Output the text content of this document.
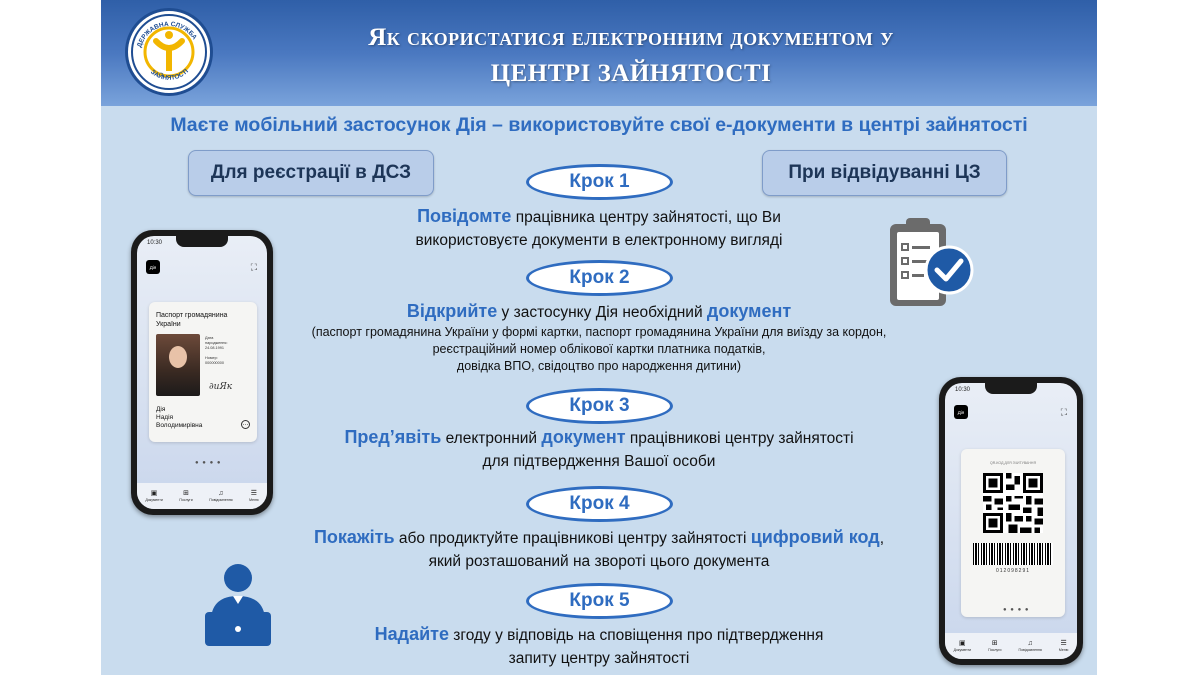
ДЕРЖАВНА СЛУЖБА
ЗАЙНЯТОСТІ
Як скористатися електронним документом у
ЦЕНТРІ ЗАЙНЯТОСТІ
Маєте мобільний застосунок Дія – використовуйте свої е-документи в центрі зайнятості
Для реєстрації в ДСЗ	При відвідуванні ЦЗ
Крок 1
Повідомте працівника центру зайнятості, що Ви
використовуєте документи в електронному вигляді
Крок 2
Відкрийте у застосунку Дія необхідний документ
(паспорт громадянина України у формі картки, паспорт громадянина України для виїзду за кордон,
реєстраційний номер облікової картки платника податків,
довідка ВПО, свідоцтво про народження дитини)
Крок 3
Пред’явіть електронний документ працівникові центру зайнятості
для підтвердження Вашої особи
Крок 4
Покажіть або продиктуйте працівникові центру зайнятості цифровий код,
який розташований на звороті цього документа
Крок 5
Надайте згоду у відповідь на сповіщення про підтвердження
запиту центру зайнятості
10:30
Дія	⛶
Паспорт громадянина
України
Дата
народження:
24.08.1991
Номер:
000000000
∂uЯк
Дія
Надія
Володимирівна	…
● ● ● ●
▣
Документи
⊞
Послуги
♫
Повідомлення
☰
Меню
10:30
Дія	⛶
QR-КОД ДЛЯ ЗЧИТУВАННЯ
012098291
● ● ● ●
▣
Документи
⊞
Послуги
♫
Повідомлення
☰
Меню
